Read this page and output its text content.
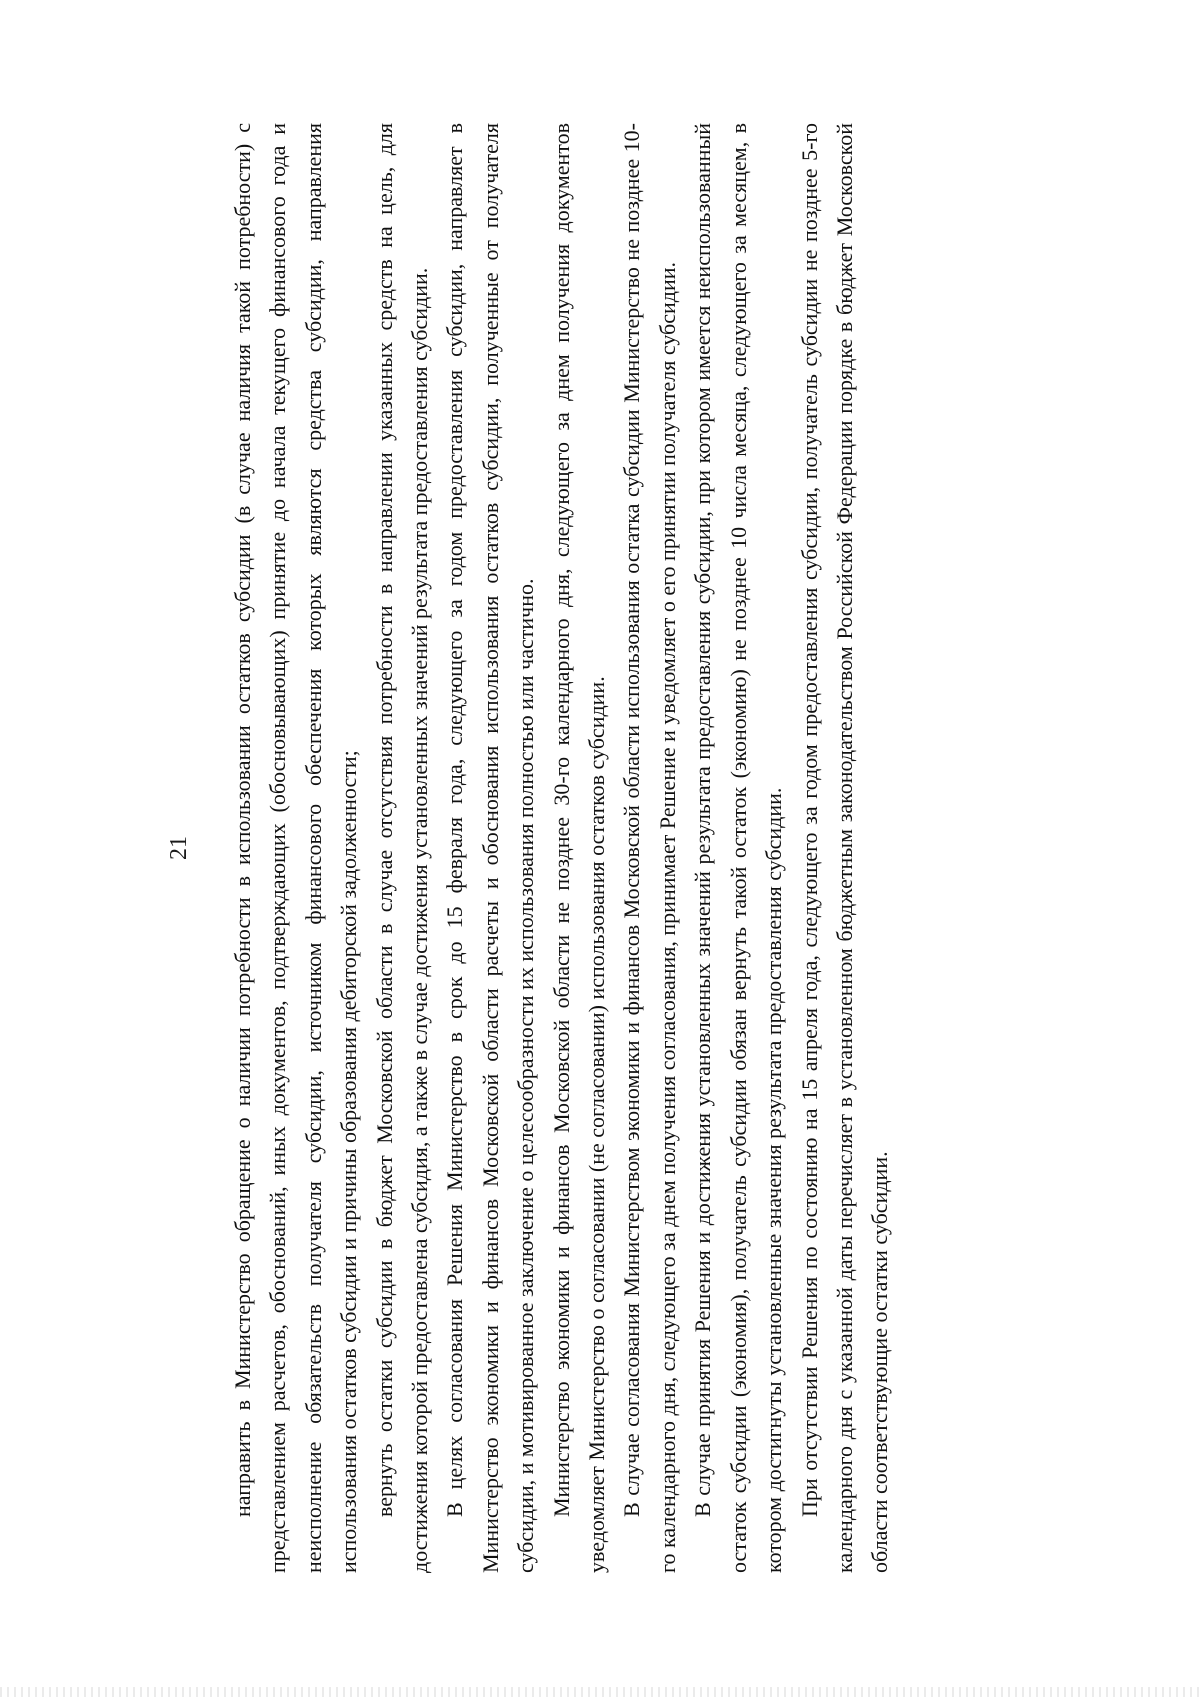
21	направить в Министерство обращение о наличии потребности в использовании остатков субсидии (в случае наличия такой потребности) с представлением расчетов, обоснований, иных документов, подтверждающих (обосновывающих) принятие до начала текущего финансового года и неисполнение обязательств получателя субсидии, источником финансового обеспечения которых являются средства субсидии, направления использования остатков субсидии и причины образования дебиторской задолженности; вернуть остатки субсидии в бюджет Московской области в случае отсутствия потребности в направлении указанных средств на цель, для достижения которой предоставлена субсидия, а также в случае достижения установленных значений результата предоставления субсидии. В целях согласования Решения Министерство в срок до 15 февраля года, следующего за годом предоставления субсидии, направляет в Министерство экономики и финансов Московской области расчеты и обоснования использования остатков субсидии, полученные от получателя субсидии, и мотивированное заключение о целесообразности их использования полностью или частично. Министерство экономики и финансов Московской области не позднее 30-го календарного дня, следующего за днем получения документов уведомляет Министерство о согласовании (не согласовании) использования остатков субсидии. В случае согласования Министерством экономики и финансов Московской области использования остатка субсидии Министерство не позднее 10-го календарного дня, следующего за днем получения согласования, принимает Решение и уведомляет о его принятии получателя субсидии. В случае принятия Решения и достижения установленных значений результата предоставления субсидии, при котором имеется неиспользованный остаток субсидии (экономия), получатель субсидии обязан вернуть такой остаток (экономию) не позднее 10 числа месяца, следующего за месяцем, в котором достигнуты установленные значения результата предоставления субсидии. При отсутствии Решения по состоянию на 15 апреля года, следующего за годом предоставления субсидии, получатель субсидии не позднее 5-го календарного дня с указанной даты перечисляет в установленном бюджетным законодательством Российской Федерации порядке в бюджет Московской области соответствующие остатки субсидии.
